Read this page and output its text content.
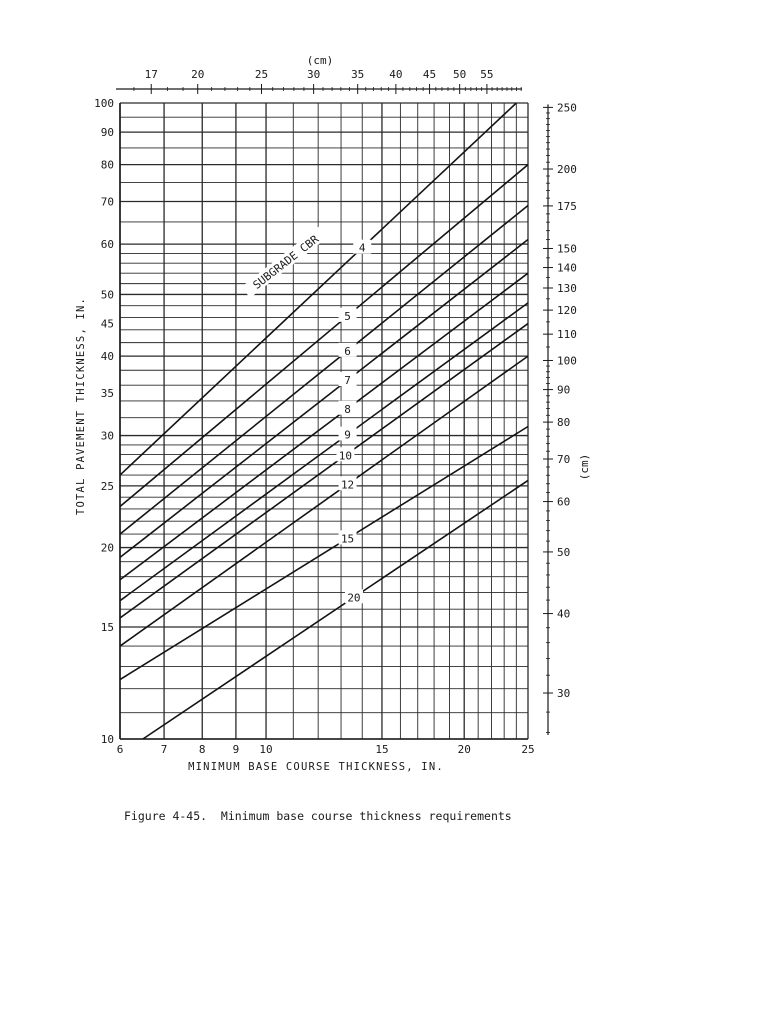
6	7	8 9 10	15	20	25
MINIMUM BASE COURSE THICKNESS, IN.
10
15
20
25
30
35
40
45
50
60
70
80
90
100
TOTAL PAVEMENT THICKNESS, IN.
17	20	25	30	35 40 45 50 55
(cm)
30
40
50
60
70
80
90
100
110
120
130
140
150
175
200
250
(cm)
4
5
6
7
8
9
10
12
15
20
SUBGRADE CBR
Figure 4-45.  Minimum base course thickness requirements
